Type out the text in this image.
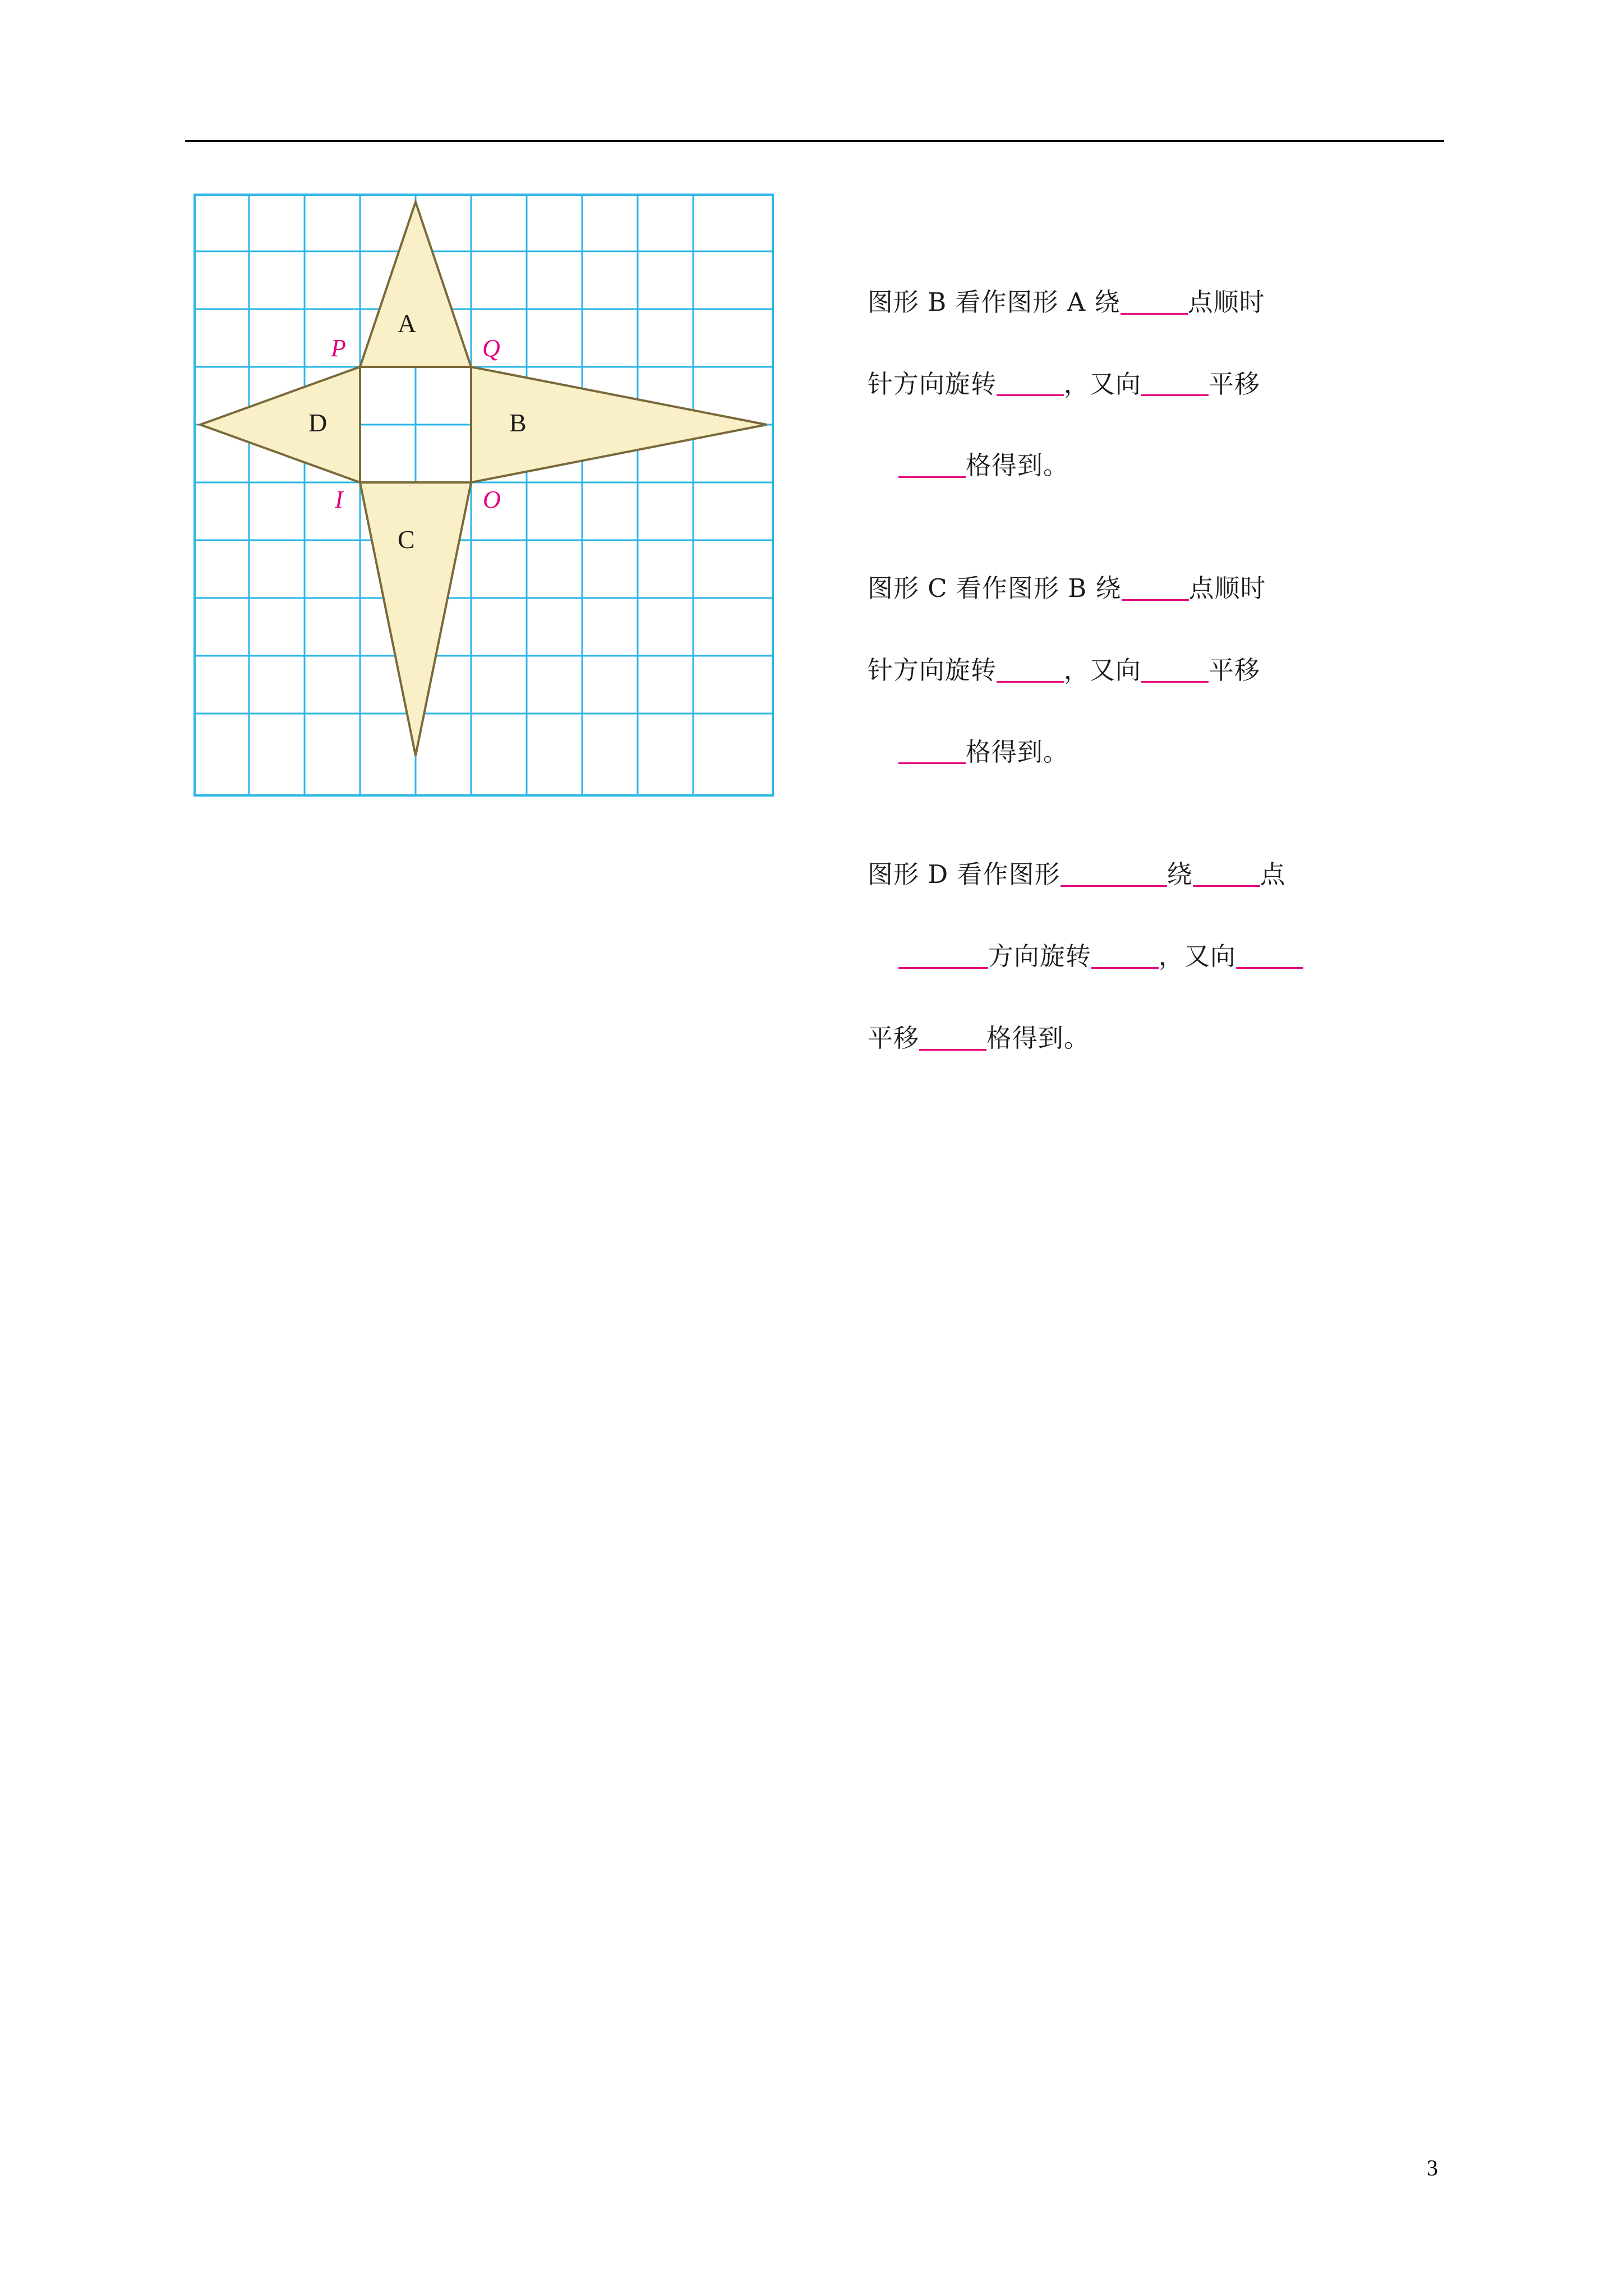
A
B
C
D
P	Q
I	O

图形 B 看作图形 A 绕	点顺时

针方向旋转	，又向	平移

格得到。

图形 C 看作图形 B 绕	点顺时

针方向旋转	，又向	平移

格得到。

图形 D 看作图形	绕	点

方向旋转	，又向

平移	格得到。

3
